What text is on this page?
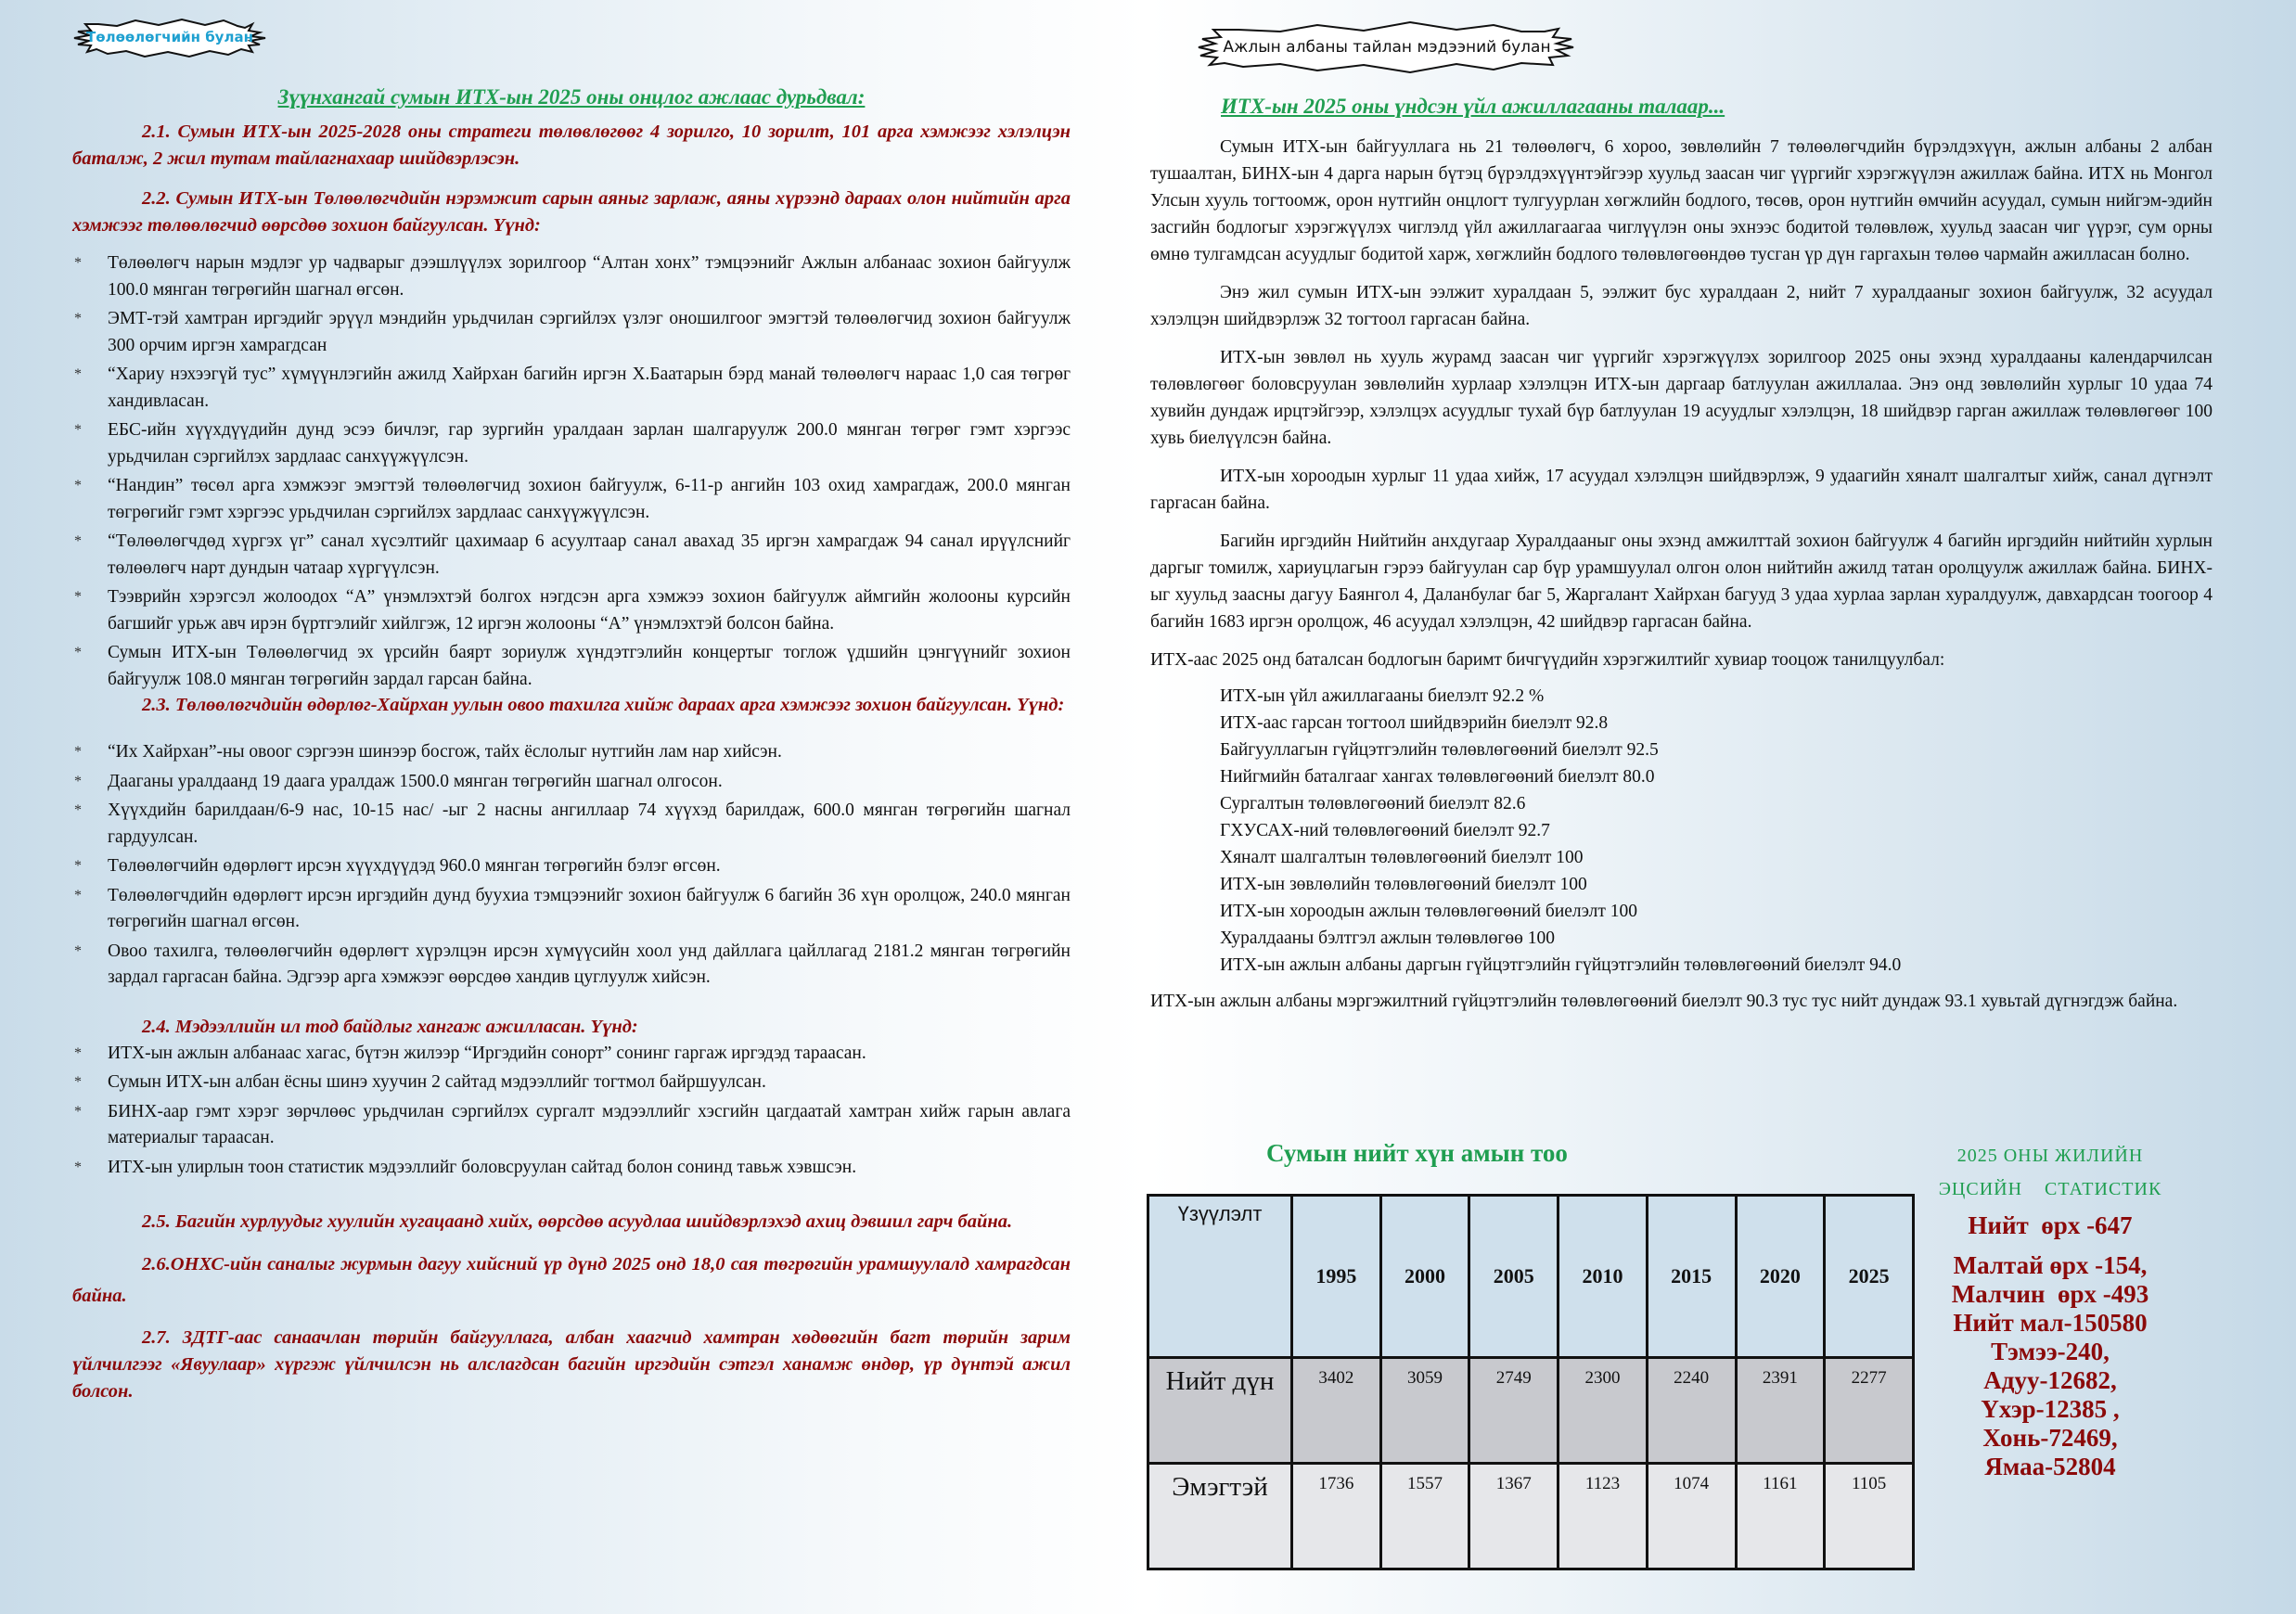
Төлөөлөгчийн булан
Зүүнхангай сумын ИТХ-ын 2025 оны онцлог ажлаас дурьдвал:

2.1. Сумын ИТХ-ын 2025-2028 оны стратеги төлөвлөгөөг 4 зорилго, 10 зорилт, 101 арга хэмжээг хэлэлцэн баталж, 2 жил тутам тайлагнахаар шийдвэрлэсэн.

2.2. Сумын ИТХ-ын Төлөөлөгчдийн нэрэмжит сарын аяныг зарлаж, аяны хүрээнд дараах олон нийтийн арга хэмжээг төлөөлөгчид өөрсдөө зохион байгуулсан. Үүнд:

* Төлөөлөгч нарын мэдлэг ур чадварыг дээшлүүлэх зорилгоор “Алтан хонх” тэмцээнийг Ажлын албанаас зохион байгуулж 100.0 мянган төгрөгийн шагнал өгсөн.
* ЭМТ-тэй хамтран иргэдийг эрүүл мэндийн урьдчилан сэргийлэх үзлэг оношилгоог эмэгтэй төлөөлөгчид зохион байгуулж 300 орчим иргэн хамрагдсан
* “Хариу нэхээгүй тус” хүмүүнлэгийн ажилд Хайрхан багийн иргэн Х.Баатарын бэрд манай төлөөлөгч нараас 1,0 сая төгрөг хандивласан.
* ЕБС-ийн хүүхдүүдийн дунд эсээ бичлэг, гар зургийн уралдаан зарлан шалгаруулж 200.0 мянган төгрөг гэмт хэргээс урьдчилан сэргийлэх зардлаас санхүүжүүлсэн.
* “Нандин” төсөл арга хэмжээг эмэгтэй төлөөлөгчид зохион байгуулж, 6-11-р ангийн 103 охид хамрагдаж, 200.0 мянган төгрөгийг гэмт хэргээс урьдчилан сэргийлэх зардлаас санхүүжүүлсэн.
* “Төлөөлөгчдөд хүргэх үг” санал хүсэлтийг цахимаар 6 асуултаар санал авахад 35 иргэн хамрагдаж 94 санал ирүүлснийг төлөөлөгч нарт дундын чатаар хүргүүлсэн.
* Тээврийн хэрэгсэл жолоодох “А” үнэмлэхтэй болгох нэгдсэн арга хэмжээ зохион байгуулж аймгийн жолооны курсийн багшийг урьж авч ирэн бүртгэлийг хийлгэж, 12 иргэн жолооны “А” үнэмлэхтэй болсон байна.
* Сумын ИТХ-ын Төлөөлөгчид эх үрсийн баярт зориулж хүндэтгэлийн концертыг тоглож үдшийн цэнгүүнийг зохион байгуулж 108.0 мянган төгрөгийн зардал гарсан байна.

2.3. Төлөөлөгчдийн өдөрлөг-Хайрхан уулын овоо тахилга хийж дараах арга хэмжээг зохион байгуулсан. Үүнд:

* “Их Хайрхан”-ны овоог сэргээн шинээр босгож, тайх ёслолыг нутгийн лам нар хийсэн.
* Дааганы уралдаанд 19 даага уралдаж 1500.0 мянган төгрөгийн шагнал олгосон.
* Хүүхдийн барилдаан/6-9 нас, 10-15 нас/ -ыг 2 насны ангиллаар 74 хүүхэд барилдаж, 600.0 мянган төгрөгийн шагнал гардуулсан.
* Төлөөлөгчийн өдөрлөгт ирсэн хүүхдүүдэд 960.0 мянган төгрөгийн бэлэг өгсөн.
* Төлөөлөгчдийн өдөрлөгт ирсэн иргэдийн дунд буухиа тэмцээнийг зохион байгуулж 6 багийн 36 хүн оролцож, 240.0 мянган төгрөгийн шагнал өгсөн.
* Овоо тахилга, төлөөлөгчийн өдөрлөгт хүрэлцэн ирсэн хүмүүсийн хоол унд дайллага цайллагад 2181.2 мянган төгрөгийн зардал гаргасан байна. Эдгээр арга хэмжээг өөрсдөө хандив цуглуулж хийсэн.

2.4. Мэдээллийн ил тод байдлыг хангаж ажилласан. Үүнд:

* ИТХ-ын ажлын албанаас хагас, бүтэн жилээр “Иргэдийн сонорт” сонинг гаргаж иргэдэд тараасан.
* Сумын ИТХ-ын албан ёсны шинэ хуучин 2 сайтад мэдээллийг тогтмол байршуулсан.
* БИНХ-аар гэмт хэрэг зөрчлөөс урьдчилан сэргийлэх сургалт мэдээллийг хэсгийн цагдаатай хамтран хийж гарын авлага материалыг тараасан.
* ИТХ-ын улирлын тоон статистик мэдээллийг боловсруулан сайтад болон сонинд тавьж хэвшсэн.

2.5. Багийн хурлуудыг хуулийн хугацаанд хийх, өөрсдөө асуудлаа шийдвэрлэхэд ахиц дэвшил гарч байна.

2.6.ОНХС-ийн саналыг журмын дагуу хийсний үр дүнд 2025 онд 18,0 сая төгрөгийн урамшуулалд хамрагдсан байна.

2.7. ЗДТГ-аас санаачлан төрийн байгууллага, албан хаагчид хамтран хөдөөгийн багт төрийн зарим үйлчилгээг «Явуулаар» хүргэж үйлчилсэн нь алслагдсан багийн иргэдийн сэтгэл ханамж өндөр, үр дүнтэй ажил болсон.

Ажлын албаны тайлан мэдээний булан
ИТХ-ын 2025 оны үндсэн үйл ажиллагааны талаар...

Сумын ИТХ-ын байгууллага нь 21 төлөөлөгч, 6 хороо, зөвлөлийн 7 төлөөлөгчдийн бүрэлдэхүүн, ажлын албаны 2 албан тушаалтан, БИНХ-ын 4 дарга нарын бүтэц бүрэлдэхүүнтэйгээр хуульд заасан чиг үүргийг хэрэгжүүлэн ажиллаж байна. ИТХ нь Монгол Улсын хууль тогтоомж, орон нутгийн онцлогт тулгуурлан хөгжлийн бодлого, төсөв, орон нутгийн өмчийн асуудал, сумын нийгэм-эдийн засгийн бодлогыг хэрэгжүүлэх чиглэлд үйл ажиллагаагаа чиглүүлэн оны эхнээс бодитой төлөвлөж, хуульд заасан чиг үүрэг, сум орны өмнө тулгамдсан асуудлыг бодитой харж, хөгжлийн бодлого төлөвлөгөөндөө тусган үр дүн гаргахын төлөө чармайн ажилласан болно.

Энэ жил сумын ИТХ-ын ээлжит хуралдаан 5, ээлжит бус хуралдаан 2, нийт 7 хуралдааныг зохион байгуулж, 32 асуудал хэлэлцэн шийдвэрлэж 32 тогтоол гаргасан байна.

ИТХ-ын зөвлөл нь хууль журамд заасан чиг үүргийг хэрэгжүүлэх зорилгоор 2025 оны эхэнд хуралдааны календарчилсан төлөвлөгөөг боловсруулан зөвлөлийн хурлаар хэлэлцэн ИТХ-ын даргаар батлуулан ажиллалаа. Энэ онд зөвлөлийн хурлыг 10 удаа 74 хувийн дундаж ирцтэйгээр, хэлэлцэх асуудлыг тухай бүр батлуулан 19 асуудлыг хэлэлцэн, 18 шийдвэр гарган ажиллаж төлөвлөгөөг 100 хувь биелүүлсэн байна.

ИТХ-ын хороодын хурлыг 11 удаа хийж, 17 асуудал хэлэлцэн шийдвэрлэж, 9 удаагийн хяналт шалгалтыг хийж, санал дүгнэлт гаргасан байна.

Багийн иргэдийн Нийтийн анхдугаар Хуралдааныг оны эхэнд амжилттай зохион байгуулж 4 багийн иргэдийн нийтийн хурлын даргыг томилж, хариуцлагын гэрээ байгуулан сар бүр урамшуулал олгон олон нийтийн ажилд татан оролцуулж ажиллаж байна. БИНХ-ыг хуульд заасны дагуу Баянгол 4, Даланбулаг баг 5, Жаргалант Хайрхан багууд 3 удаа хурлаа зарлан хуралдуулж, давхардсан тоогоор 4 багийн 1683 иргэн оролцож, 46 асуудал хэлэлцэн, 42 шийдвэр гаргасан байна.

ИТХ-аас 2025 онд баталсан бодлогын баримт бичгүүдийн хэрэгжилтийг хувиар тооцож танилцуулбал:

ИТХ-ын үйл ажиллагааны биелэлт 92.2 %
ИТХ-аас гарсан тогтоол шийдвэрийн биелэлт 92.8
Байгууллагын гүйцэтгэлийн төлөвлөгөөний биелэлт 92.5
Нийгмийн баталгааг хангах төлөвлөгөөний биелэлт 80.0
Сургалтын төлөвлөгөөний биелэлт 82.6
ГХУСАХ-ний төлөвлөгөөний биелэлт 92.7
Хяналт шалгалтын төлөвлөгөөний биелэлт 100
ИТХ-ын зөвлөлийн төлөвлөгөөний биелэлт 100
ИТХ-ын хороодын ажлын төлөвлөгөөний биелэлт 100
Хуралдааны бэлтгэл ажлын төлөвлөгөө 100
ИТХ-ын ажлын албаны даргын гүйцэтгэлийн гүйцэтгэлийн төлөвлөгөөний биелэлт 94.0

ИТХ-ын ажлын албаны мэргэжилтний гүйцэтгэлийн төлөвлөгөөний биелэлт 90.3 тус тус нийт дундаж 93.1 хувьтай дүгнэгдэж байна.

Сумын нийт хүн амын тоо
Үзүүлэлт	1995	2000	2005	2010	2015	2020	2025
Нийт дүн	3402	3059	2749	2300	2240	2391	2277
Эмэгтэй	1736	1557	1367	1123	1074	1161	1105
2025 ОНЫ ЖИЛИЙН
ЭЦСИЙН    СТАТИСТИК
Нийт  өрх -647
Малтай өрх -154,
Малчин  өрх -493
Нийт мал-150580
Тэмээ-240,
Адуу-12682,
Үхэр-12385 ,
Хонь-72469,
Ямаа-52804
